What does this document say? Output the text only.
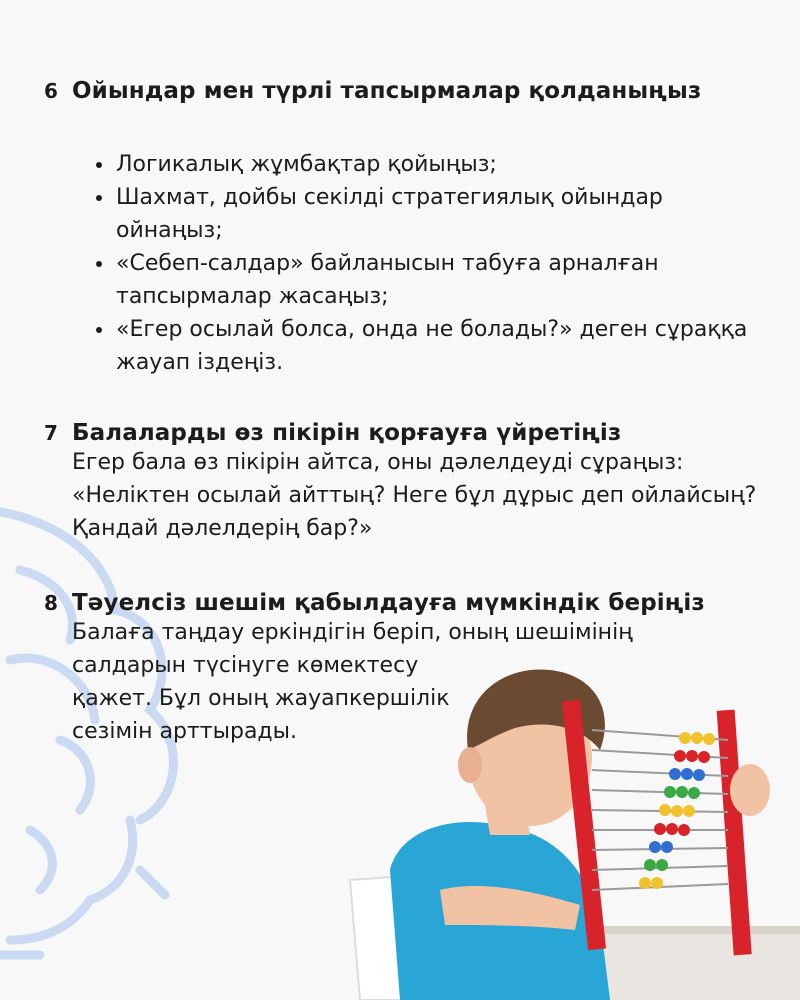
6 Ойындар мен түрлі тапсырмалар қолданыңыз
Логикалық жұмбақтар қойыңыз;
Шахмат, дойбы секілді стратегиялық ойындар ойнаңыз;
«Себеп-салдар» байланысын табуға арналған тапсырмалар жасаңыз;
«Егер осылай болса, онда не болады?» деген сұраққа жауап іздеңіз.
7 Балаларды өз пікірін қорғауға үйретіңіз
Егер бала өз пікірін айтса, оны дәлелдеуді сұраңыз: «Неліктен осылай айттың? Неге бұл дұрыс деп ойлайсың? Қандай дәлелдерің бар?»
8 Тәуелсіз шешім қабылдауға мүмкіндік беріңіз
Балаға таңдау еркіндігін беріп, оның шешімінің
салдарын түсінуге көмектесу
қажет. Бұл оның жауапкершілік
сезімін арттырады.
